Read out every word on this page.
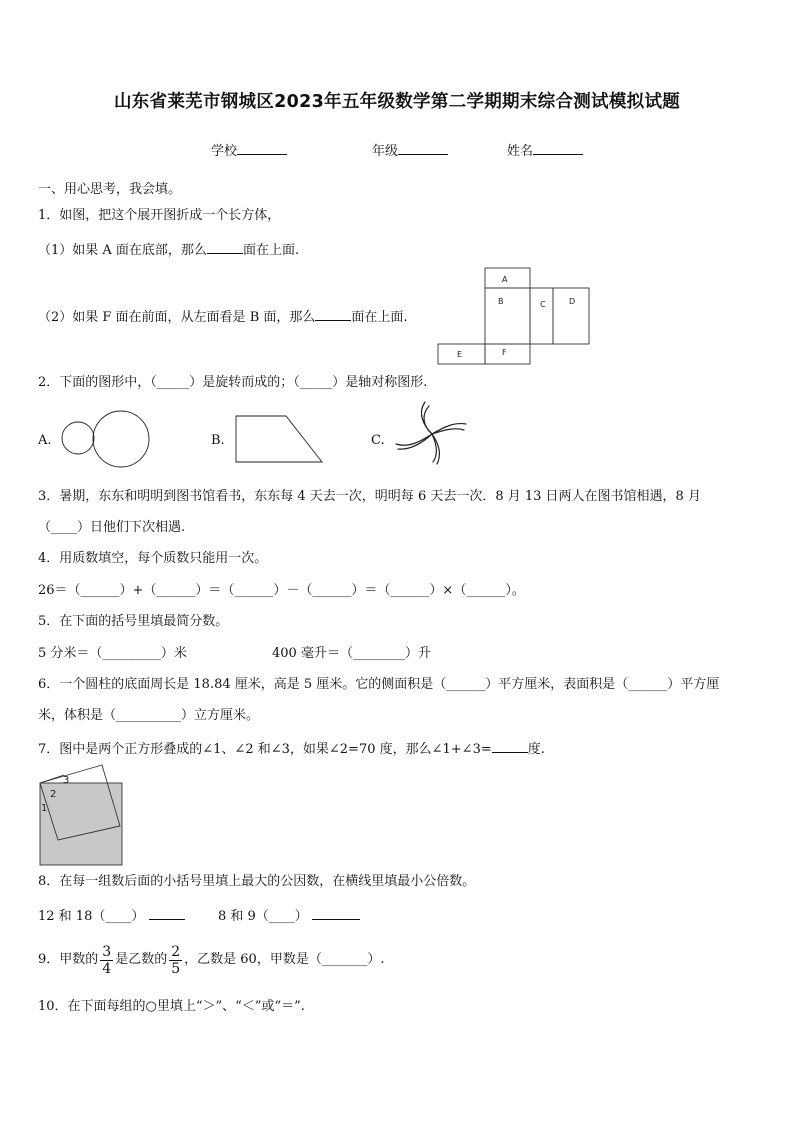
山东省莱芜市钢城区2023年五年级数学第二学期期末综合测试模拟试题
学校	年级	姓名
一、用心思考，我会填。
1．如图，把这个展开图折成一个长方体，
（1）如果 A 面在底部，那么	面在上面.
（2）如果 F 面在前面，从左面看是 B 面，那么	面在上面.
A
B	C	D
E	F
2．下面的图形中，（_____）是旋转而成的；（_____）是轴对称图形.
A.	B.	C.
3．暑期，东东和明明到图书馆看书，东东每 4 天去一次，明明每 6 天去一次．8 月 13 日两人在图书馆相遇，8 月
（____）日他们下次相遇.
4．用质数填空，每个质数只能用一次。
26＝（______）+（______）＝（______）－（______）＝（______）×（______）。
5．在下面的括号里填最简分数。
5 分米＝（_________）米	400 毫升＝（________）升
6．一个圆柱的底面周长是 18.84 厘米，高是 5 厘米。它的侧面积是（______）平方厘米，表面积是（______）平方厘
米，体积是（__________）立方厘米。
7．图中是两个正方形叠成的∠1、∠2 和∠3，如果∠2=70 度，那么∠1+∠3=	度.
3
2
1
8．在每一组数后面的小括号里填上最大的公因数，在横线里填最小公倍数。
12 和 18（____）	8 和 9（____）
9．甲数的 $\frac{3}{4}$ 是乙数的 $\frac{2}{5}$ ，乙数是 60，甲数是（_______）.
10．在下面每组的○里填上“＞”、“＜”或“＝”.
